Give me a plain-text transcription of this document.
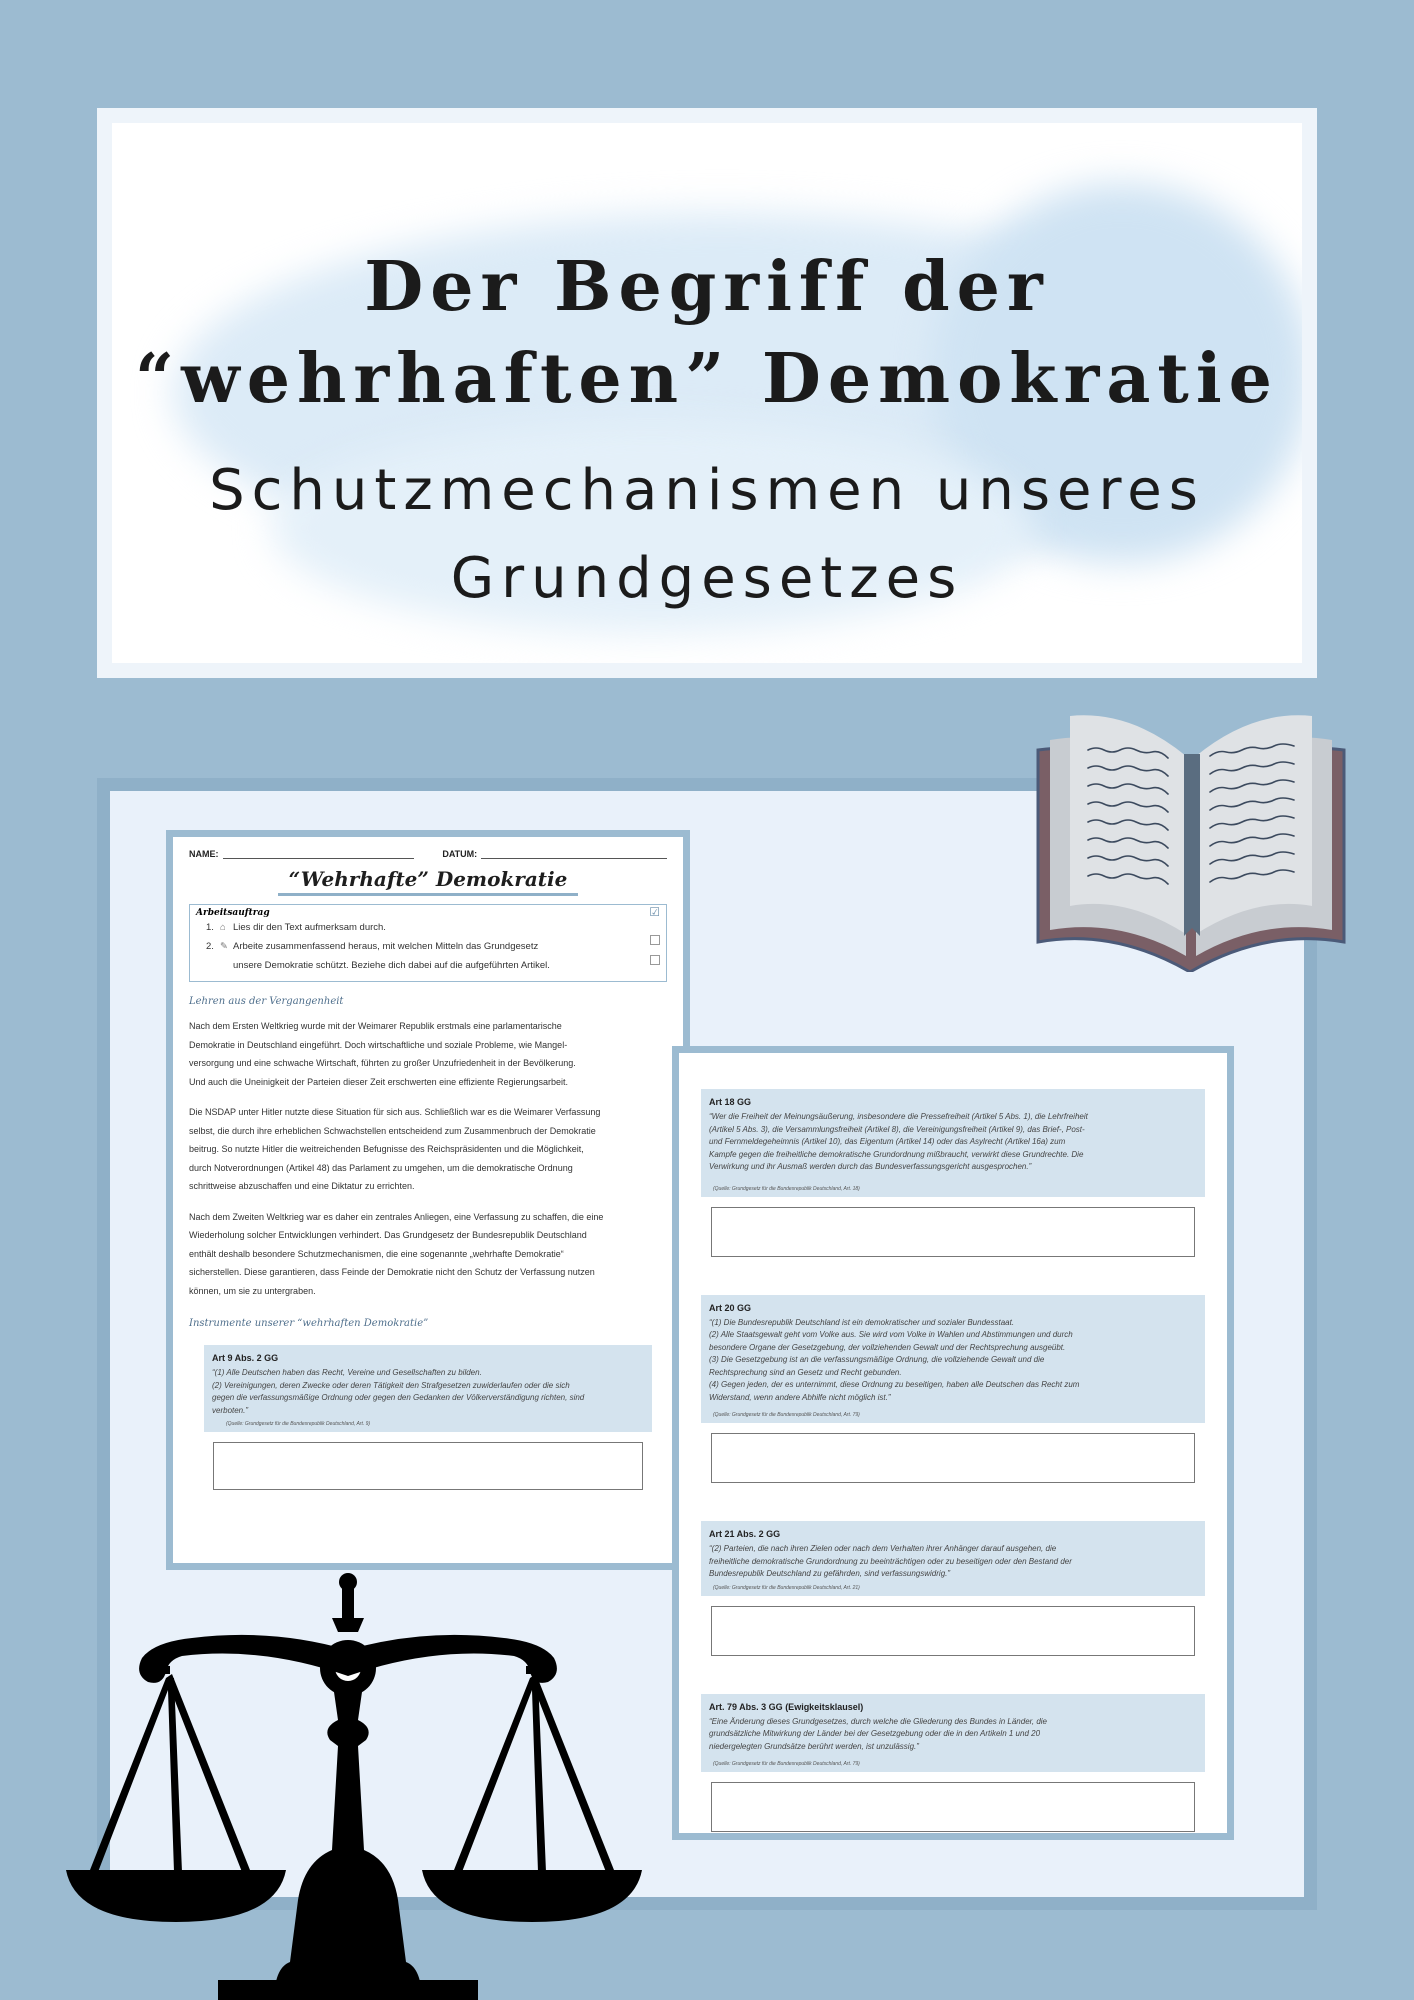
Der Begriff der
“wehrhaften” Demokratie
Schutzmechanismen unseres
Grundgesetzes
NAME:	DATUM:
“Wehrhafte” Demokratie
Arbeitsauftrag	☑
1. ⌂ Lies dir den Text aufmerksam durch.
2. ✎ Arbeite zusammenfassend heraus, mit welchen Mitteln das Grundgesetz
unsere Demokratie schützt. Beziehe dich dabei auf die aufgeführten Artikel.
Lehren aus der Vergangenheit
Nach dem Ersten Weltkrieg wurde mit der Weimarer Republik erstmals eine parlamentarische
Demokratie in Deutschland eingeführt. Doch wirtschaftliche und soziale Probleme, wie Mangel-
versorgung und eine schwache Wirtschaft, führten zu großer Unzufriedenheit in der Bevölkerung.
Und auch die Uneinigkeit der Parteien dieser Zeit erschwerten eine effiziente Regierungsarbeit.
Die NSDAP unter Hitler nutzte diese Situation für sich aus. Schließlich war es die Weimarer Verfassung
selbst, die durch ihre erheblichen Schwachstellen entscheidend zum Zusammenbruch der Demokratie
beitrug. So nutzte Hitler die weitreichenden Befugnisse des Reichspräsidenten und die Möglichkeit,
durch Notverordnungen (Artikel 48) das Parlament zu umgehen, um die demokratische Ordnung
schrittweise abzuschaffen und eine Diktatur zu errichten.
Nach dem Zweiten Weltkrieg war es daher ein zentrales Anliegen, eine Verfassung zu schaffen, die eine
Wiederholung solcher Entwicklungen verhindert. Das Grundgesetz der Bundesrepublik Deutschland
enthält deshalb besondere Schutzmechanismen, die eine sogenannte „wehrhafte Demokratie“
sicherstellen. Diese garantieren, dass Feinde der Demokratie nicht den Schutz der Verfassung nutzen
können, um sie zu untergraben.
Instrumente unserer “wehrhaften Demokratie”
Art 9 Abs. 2 GG
“(1) Alle Deutschen haben das Recht, Vereine und Gesellschaften zu bilden.
(2) Vereinigungen, deren Zwecke oder deren Tätigkeit den Strafgesetzen zuwiderlaufen oder die sich
gegen die verfassungsmäßige Ordnung oder gegen den Gedanken der Völkerverständigung richten, sind
verboten.”
(Quelle: Grundgesetz für die Bundesrepublik Deutschland, Art. 9)
Art 18 GG
“Wer die Freiheit der Meinungsäußerung, insbesondere die Pressefreiheit (Artikel 5 Abs. 1), die Lehrfreiheit
(Artikel 5 Abs. 3), die Versammlungsfreiheit (Artikel 8), die Vereinigungsfreiheit (Artikel 9), das Brief-, Post-
und Fernmeldegeheimnis (Artikel 10), das Eigentum (Artikel 14) oder das Asylrecht (Artikel 16a) zum
Kampfe gegen die freiheitliche demokratische Grundordnung mißbraucht, verwirkt diese Grundrechte. Die
Verwirkung und ihr Ausmaß werden durch das Bundesverfassungsgericht ausgesprochen.”
(Quelle: Grundgesetz für die Bundesrepublik Deutschland, Art. 18)
Art 20 GG
“(1) Die Bundesrepublik Deutschland ist ein demokratischer und sozialer Bundesstaat.
(2) Alle Staatsgewalt geht vom Volke aus. Sie wird vom Volke in Wahlen und Abstimmungen und durch
besondere Organe der Gesetzgebung, der vollziehenden Gewalt und der Rechtsprechung ausgeübt.
(3) Die Gesetzgebung ist an die verfassungsmäßige Ordnung, die vollziehende Gewalt und die
Rechtsprechung sind an Gesetz und Recht gebunden.
(4) Gegen jeden, der es unternimmt, diese Ordnung zu beseitigen, haben alle Deutschen das Recht zum
Widerstand, wenn andere Abhilfe nicht möglich ist.”
(Quelle: Grundgesetz für die Bundesrepublik Deutschland, Art. 79)
Art 21 Abs. 2 GG
“(2) Parteien, die nach ihren Zielen oder nach dem Verhalten ihrer Anhänger darauf ausgehen, die
freiheitliche demokratische Grundordnung zu beeinträchtigen oder zu beseitigen oder den Bestand der
Bundesrepublik Deutschland zu gefährden, sind verfassungswidrig.”
(Quelle: Grundgesetz für die Bundesrepublik Deutschland, Art. 21)
Art. 79 Abs. 3 GG (Ewigkeitsklausel)
“Eine Änderung dieses Grundgesetzes, durch welche die Gliederung des Bundes in Länder, die
grundsätzliche Mitwirkung der Länder bei der Gesetzgebung oder die in den Artikeln 1 und 20
niedergelegten Grundsätze berührt werden, ist unzulässig.”
(Quelle: Grundgesetz für die Bundesrepublik Deutschland, Art. 79)
